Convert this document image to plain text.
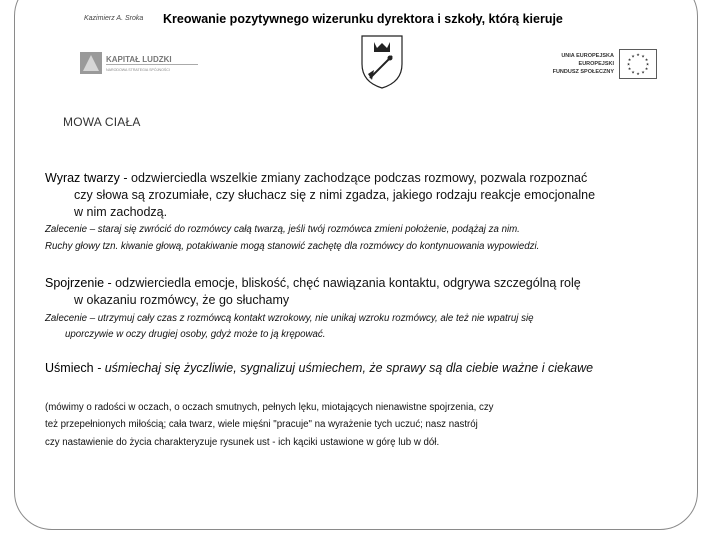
Kazimierz A. Sroka Kreowanie pozytywnego wizerunku dyrektora i szkoły, którą kieruje
KAPITAŁ LUDZKI
NARODOWA STRATEGIA SPÓJNOŚCI
UNIA EUROPEJSKA
EUROPEJSKI
FUNDUSZ SPOŁECZNY
★ ★
★
★
★
★
★
★
★
★
★
★
MOWA CIAŁA
Wyraz twarzy - odzwierciedla wszelkie zmiany zachodzące podczas rozmowy, pozwala rozpoznać
czy słowa są zrozumiałe, czy słuchacz się z nimi zgadza, jakiego rodzaju reakcje emocjonalne
w nim zachodzą.
Zalecenie – staraj się zwrócić do rozmówcy całą twarzą, jeśli twój rozmówca zmieni położenie, podążaj za nim.
Ruchy głowy tzn. kiwanie głową, potakiwanie mogą stanowić zachętę dla rozmówcy do kontynuowania wypowiedzi.
Spojrzenie - odzwierciedla emocje, bliskość, chęć nawiązania kontaktu, odgrywa szczególną rolę
w okazaniu rozmówcy, że go słuchamy
Zalecenie – utrzymuj cały czas z rozmówcą kontakt wzrokowy, nie unikaj wzroku rozmówcy, ale też nie wpatruj się
uporczywie w oczy drugiej osoby, gdyż może to ją krępować.
Uśmiech - uśmiechaj się życzliwie, sygnalizuj uśmiechem, że sprawy są dla ciebie ważne i ciekawe
(mówimy o radości w oczach, o oczach smutnych, pełnych lęku, miotających nienawistne spojrzenia, czy
też przepełnionych miłością; cała twarz, wiele mięśni "pracuje" na wyrażenie tych uczuć; nasz nastrój
czy nastawienie do życia charakteryzuje rysunek ust - ich kąciki ustawione w górę lub w dół.
